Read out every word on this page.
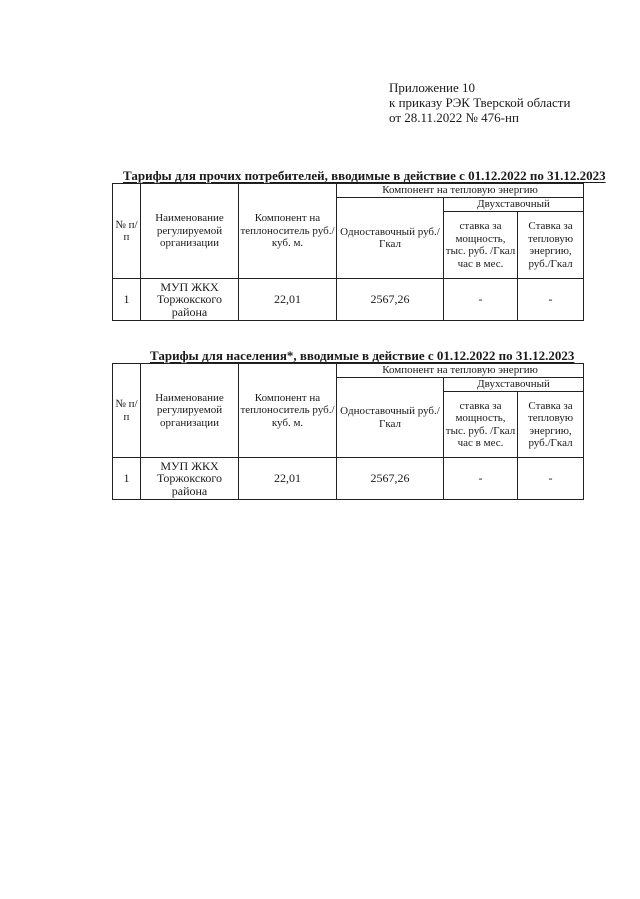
Приложение 10
к приказу РЭК Тверской области
от 28.11.2022 № 476-нп
Тарифы для прочих потребителей, вводимые в действие с 01.12.2022 по 31.12.2023
№ п/п	Наименование регулируемой организации	Компонент на теплоноситель руб./куб. м.	Компонент на тепловую энергию		
			Одноставочный руб./Гкал	Двухставочный	
				ставка за мощность, тыс. руб. /Гкал час в мес.	Ставка за тепловую энергию, руб./Гкал
1	МУП ЖКХ Торжокского района	22,01	2567,26	-	-
Тарифы для населения*, вводимые в действие с 01.12.2022 по 31.12.2023
№ п/п	Наименование регулируемой организации	Компонент на теплоноситель руб./куб. м.	Компонент на тепловую энергию		
			Одноставочный руб./Гкал	Двухставочный	
				ставка за мощность, тыс. руб. /Гкал час в мес.	Ставка за тепловую энергию, руб./Гкал
1	МУП ЖКХ Торжокского района	22,01	2567,26	-	-
